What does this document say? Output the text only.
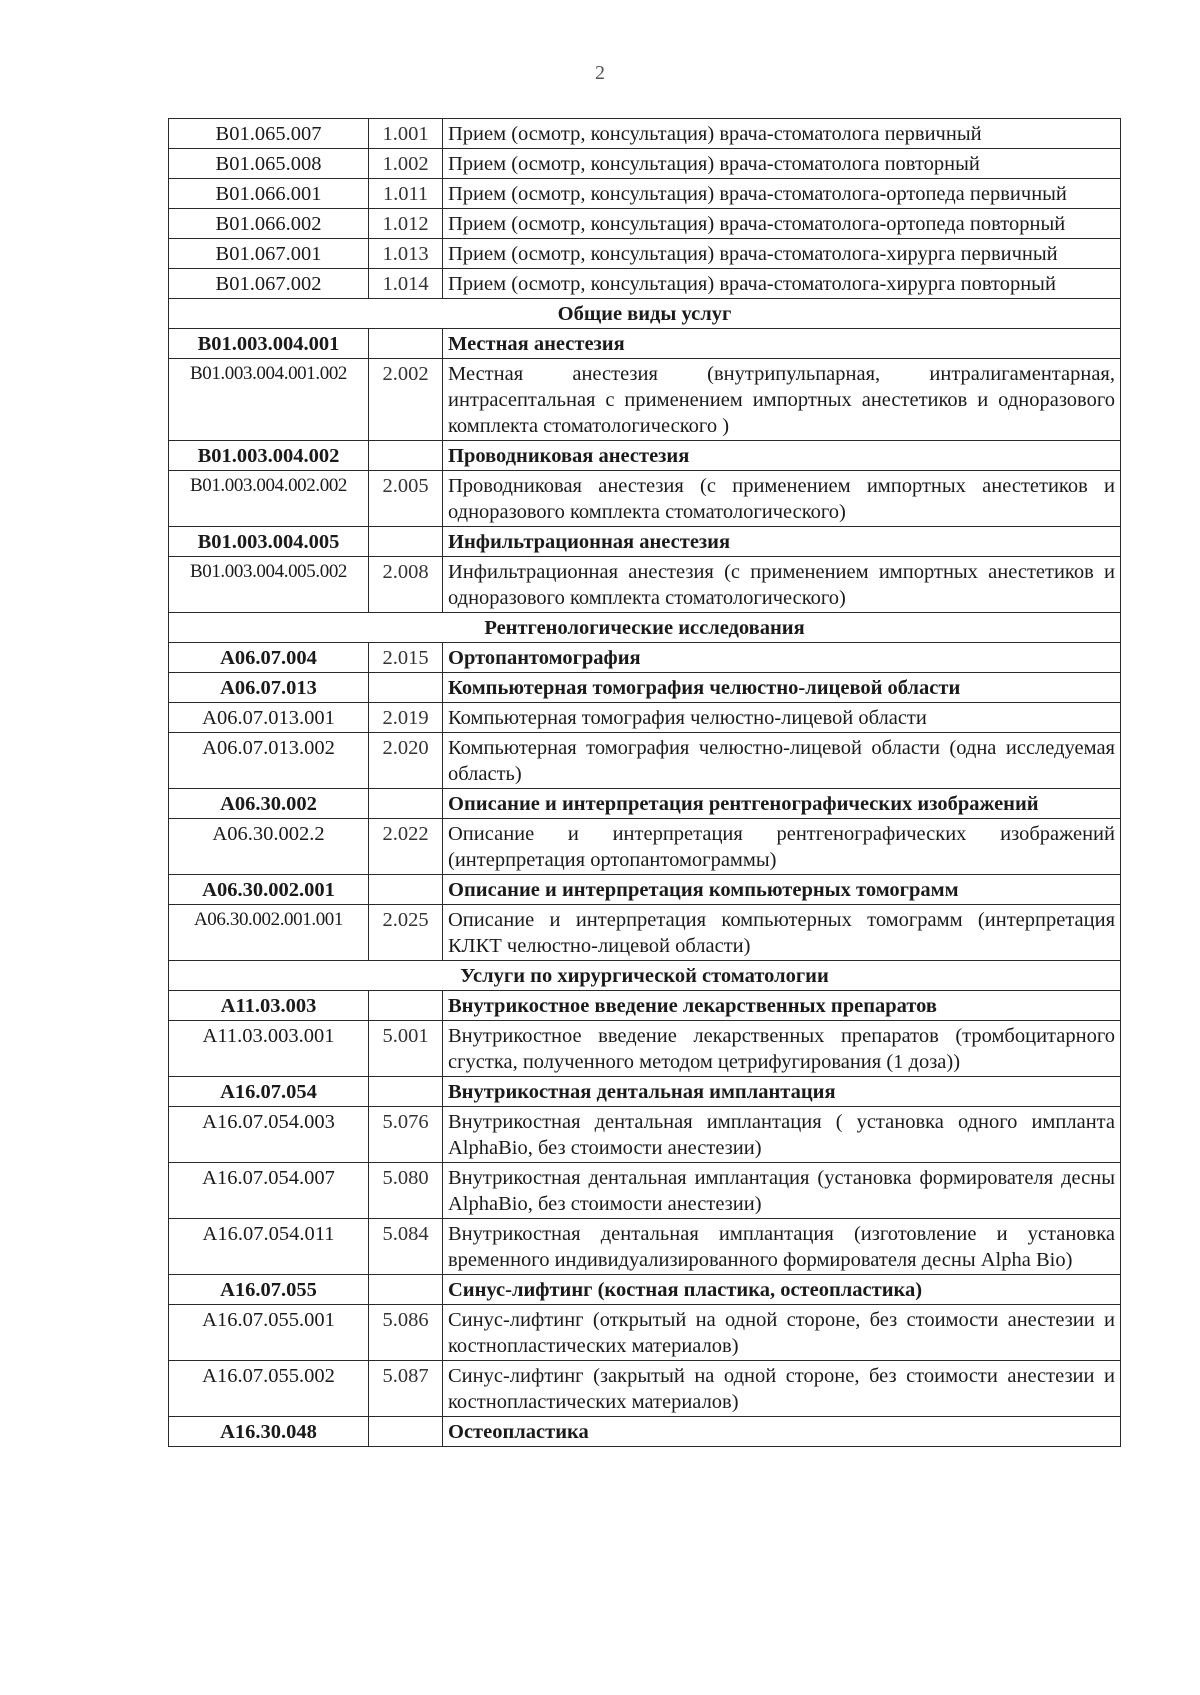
2
B01.065.007	1.001	Прием (осмотр, консультация) врача-стоматолога первичный
B01.065.008	1.002	Прием (осмотр, консультация) врача-стоматолога повторный
B01.066.001	1.011	Прием (осмотр, консультация) врача-стоматолога-ортопеда первичный
B01.066.002	1.012	Прием (осмотр, консультация) врача-стоматолога-ортопеда повторный
B01.067.001	1.013	Прием (осмотр, консультация) врача-стоматолога-хирурга первичный
B01.067.002	1.014	Прием (осмотр, консультация) врача-стоматолога-хирурга повторный
Общие виды услуг		
B01.003.004.001		Местная анестезия
B01.003.004.001.002	2.002	Местная анестезия (внутрипульпарная, интралигаментарная, интрасептальная с применением импортных анестетиков и одноразового комплекта стоматологического )
B01.003.004.002		Проводниковая анестезия
B01.003.004.002.002	2.005	Проводниковая анестезия (с применением импортных анестетиков и одноразового комплекта стоматологического)
B01.003.004.005		Инфильтрационная анестезия
B01.003.004.005.002	2.008	Инфильтрационная анестезия (с применением импортных анестетиков и одноразового комплекта стоматологического)
Рентгенологические исследования		
A06.07.004	2.015	Ортопантомография
A06.07.013		Компьютерная томография челюстно-лицевой области
A06.07.013.001	2.019	Компьютерная томография челюстно-лицевой области
A06.07.013.002	2.020	Компьютерная томография челюстно-лицевой области (одна исследуемая область)
A06.30.002		Описание и интерпретация рентгенографических изображений
A06.30.002.2	2.022	Описание и интерпретация рентгенографических изображений (интерпретация ортопантомограммы)
A06.30.002.001		Описание и интерпретация компьютерных томограмм
A06.30.002.001.001	2.025	Описание и интерпретация компьютерных томограмм (интерпретация КЛКТ челюстно-лицевой области)
Услуги по хирургической стоматологии		
A11.03.003		Внутрикостное введение лекарственных препаратов
A11.03.003.001	5.001	Внутрикостное введение лекарственных препаратов (тромбоцитарного сгустка, полученного методом цетрифугирования (1 доза))
A16.07.054		Внутрикостная дентальная имплантация
A16.07.054.003	5.076	Внутрикостная дентальная имплантация ( установка одного импланта AlphaBio, без стоимости анестезии)
A16.07.054.007	5.080	Внутрикостная дентальная имплантация (установка формирователя десны AlphaBio, без стоимости анестезии)
A16.07.054.011	5.084	Внутрикостная дентальная имплантация (изготовление и установка временного индивидуализированного формирователя десны Alpha Bio)
A16.07.055		Синус-лифтинг (костная пластика, остеопластика)
A16.07.055.001	5.086	Синус-лифтинг (открытый на одной стороне, без стоимости анестезии и костнопластических материалов)
A16.07.055.002	5.087	Синус-лифтинг (закрытый на одной стороне, без стоимости анестезии и костнопластических материалов)
A16.30.048		Остеопластика
